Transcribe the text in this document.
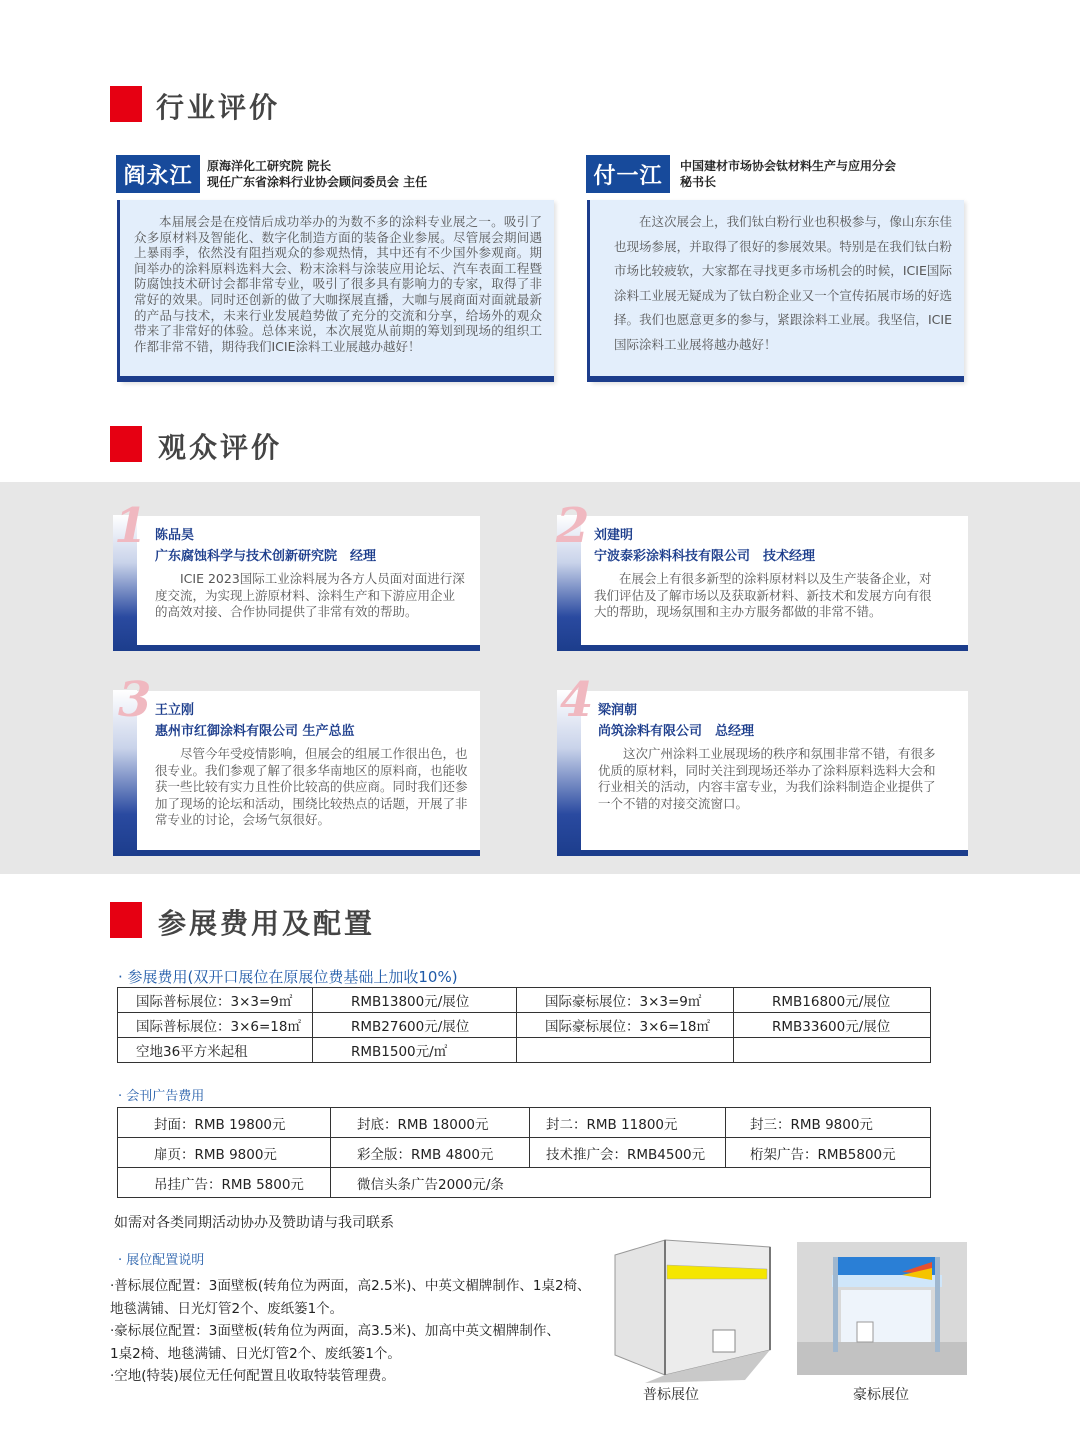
行业评价
阎永江	原海洋化工研究院 院长
现任广东省涂料行业协会顾问委员会 主任
本届展会是在疫情后成功举办的为数不多的涂料专业展之一。吸引了众多原材料及智能化、数字化制造方面的装备企业参展。尽管展会期间遇上暴雨季，依然没有阻挡观众的参观热情，其中还有不少国外参观商。期间举办的涂料原料选料大会、粉末涂料与涂装应用论坛、汽车表面工程暨防腐蚀技术研讨会都非常专业，吸引了很多具有影响力的专家，取得了非常好的效果。同时还创新的做了大咖探展直播，大咖与展商面对面就最新的产品与技术，未来行业发展趋势做了充分的交流和分享，给场外的观众带来了非常好的体验。总体来说，本次展览从前期的筹划到现场的组织工作都非常不错，期待我们ICIE涂料工业展越办越好！
付一江	中国建材市场协会钛材料生产与应用分会
秘书长
在这次展会上，我们钛白粉行业也积极参与，像山东东佳也现场参展，并取得了很好的参展效果。特别是在我们钛白粉市场比较疲软，大家都在寻找更多市场机会的时候，ICIE国际涂料工业展无疑成为了钛白粉企业又一个宣传拓展市场的好选择。我们也愿意更多的参与，紧跟涂料工业展。我坚信，ICIE国际涂料工业展将越办越好！
观众评价
1 陈品昊
广东腐蚀科学与技术创新研究院　经理
ICIE 2023国际工业涂料展为各方人员面对面进行深度交流，为实现上游原材料、涂料生产和下游应用企业的高效对接、合作协同提供了非常有效的帮助。
2 刘建明
宁波泰彩涂料科技有限公司　技术经理
在展会上有很多新型的涂料原材料以及生产装备企业，对我们评估及了解市场以及获取新材料、新技术和发展方向有很大的帮助，现场氛围和主办方服务都做的非常不错。
3 王立刚
惠州市红御涂料有限公司 生产总监
尽管今年受疫情影响，但展会的组展工作很出色，也很专业。我们参观了解了很多华南地区的原料商，也能收获一些比较有实力且性价比较高的供应商。同时我们还参加了现场的论坛和活动，围绕比较热点的话题，开展了非常专业的讨论，会场气氛很好。
4 梁润朝
尚筑涂料有限公司　总经理
这次广州涂料工业展现场的秩序和氛围非常不错，有很多优质的原材料，同时关注到现场还举办了涂料原料选料大会和行业相关的活动，内容丰富专业，为我们涂料制造企业提供了一个不错的对接交流窗口。
参展费用及配置
· 参展费用(双开口展位在原展位费基础上加收10%)
国际普标展位：3×3=9㎡	RMB13800元/展位	国际豪标展位：3×3=9㎡	RMB16800元/展位
国际普标展位：3×6=18㎡	RMB27600元/展位	国际豪标展位：3×6=18㎡	RMB33600元/展位
空地36平方米起租	RMB1500元/㎡		
· 会刊广告费用
封面：RMB 19800元	封底：RMB 18000元	封二：RMB 11800元	封三：RMB 9800元
扉页：RMB 9800元	彩全版：RMB 4800元	技术推广会：RMB4500元	桁架广告：RMB5800元
吊挂广告：RMB 5800元	微信头条广告2000元/条		
如需对各类同期活动协办及赞助请与我司联系
· 展位配置说明
·普标展位配置：3面壁板(转角位为两面，高2.5米)、中英文楣牌制作、1桌2椅、
地毯满铺、日光灯管2个、废纸篓1个。
·豪标展位配置：3面壁板(转角位为两面，高3.5米)、加高中英文楣牌制作、
1桌2椅、地毯满铺、日光灯管2个、废纸篓1个。
·空地(特装)展位无任何配置且收取特装管理费。
普标展位	豪标展位
